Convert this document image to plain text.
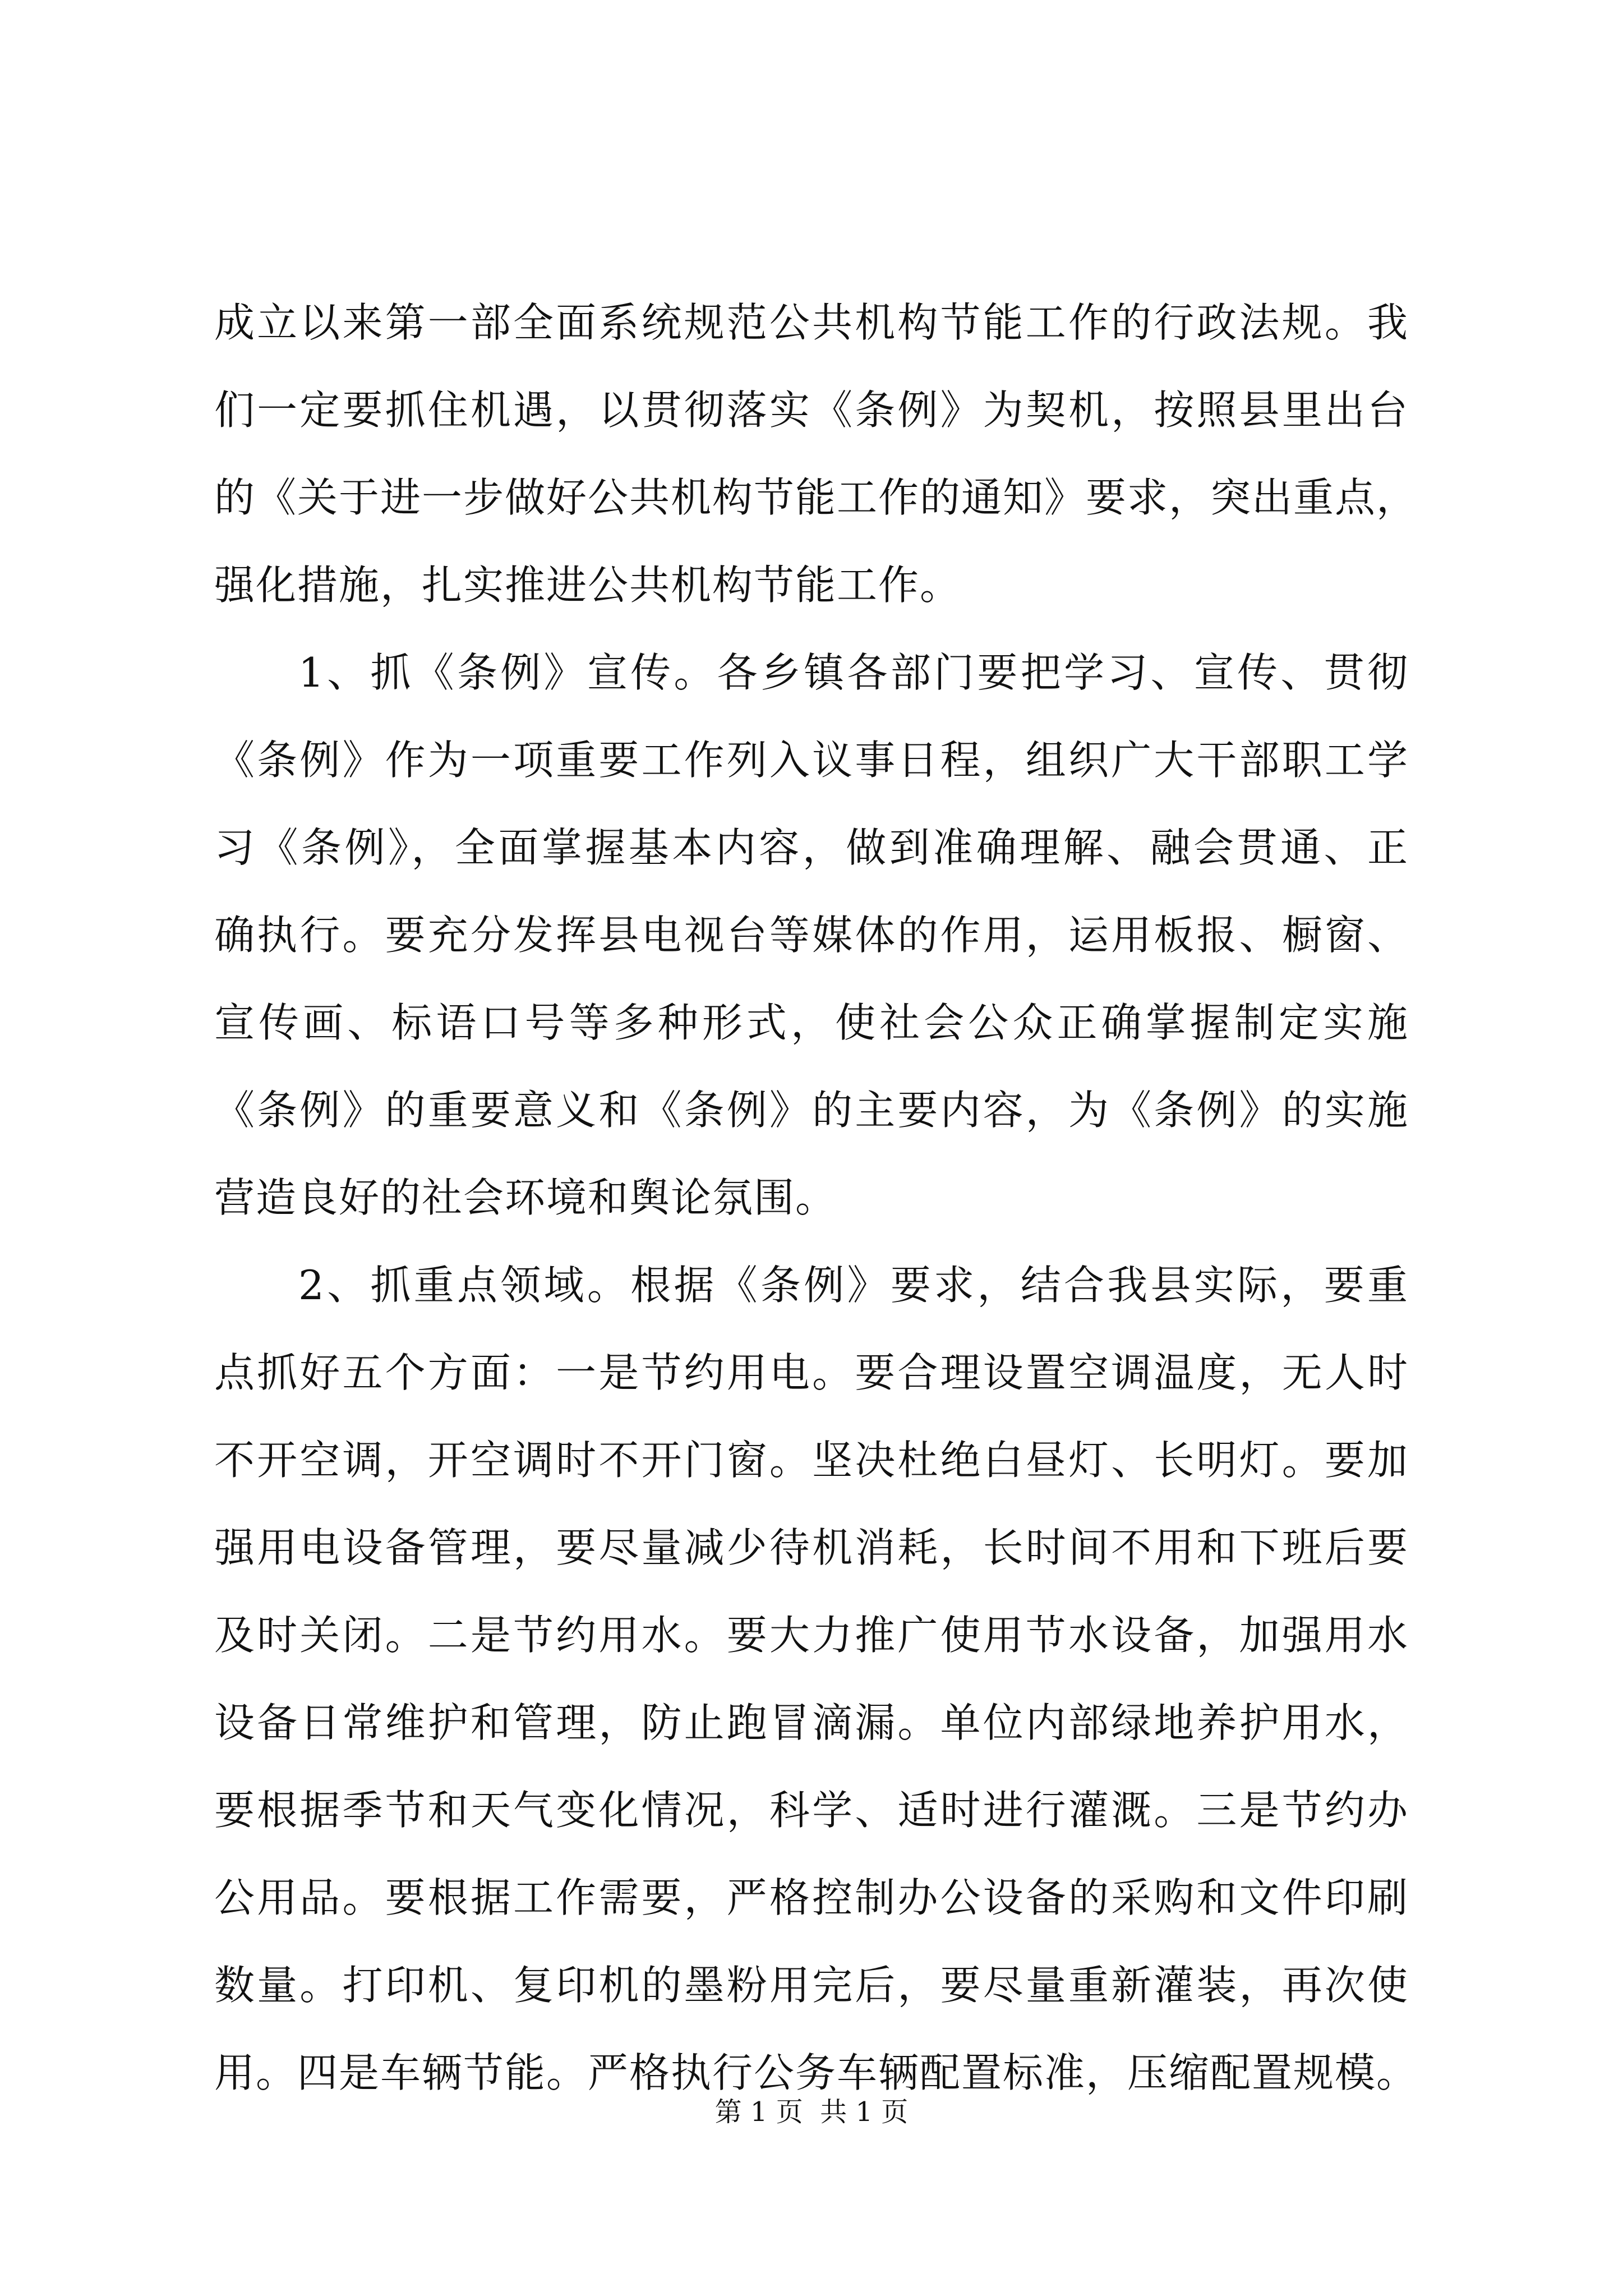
成立以来第一部全面系统规范公共机构节能工作的行政法规。我
们一定要抓住机遇，以贯彻落实《条例》为契机，按照县里出台
的《关于进一步做好公共机构节能工作的通知》要求，突出重点，
强化措施，扎实推进公共机构节能工作。
1、抓《条例》宣传。各乡镇各部门要把学习、宣传、贯彻
《条例》作为一项重要工作列入议事日程，组织广大干部职工学
习《条例》，全面掌握基本内容，做到准确理解、融会贯通、正
确执行。要充分发挥县电视台等媒体的作用，运用板报、橱窗、
宣传画、标语口号等多种形式，使社会公众正确掌握制定实施
《条例》的重要意义和《条例》的主要内容，为《条例》的实施
营造良好的社会环境和舆论氛围。
2、抓重点领域。根据《条例》要求，结合我县实际，要重
点抓好五个方面：一是节约用电。要合理设置空调温度，无人时
不开空调，开空调时不开门窗。坚决杜绝白昼灯、长明灯。要加
强用电设备管理，要尽量减少待机消耗，长时间不用和下班后要
及时关闭。二是节约用水。要大力推广使用节水设备，加强用水
设备日常维护和管理，防止跑冒滴漏。单位内部绿地养护用水，
要根据季节和天气变化情况，科学、适时进行灌溉。三是节约办
公用品。要根据工作需要，严格控制办公设备的采购和文件印刷
数量。打印机、复印机的墨粉用完后，要尽量重新灌装，再次使
用。四是车辆节能。严格执行公务车辆配置标准，压缩配置规模。
第 1 页  共 1 页
